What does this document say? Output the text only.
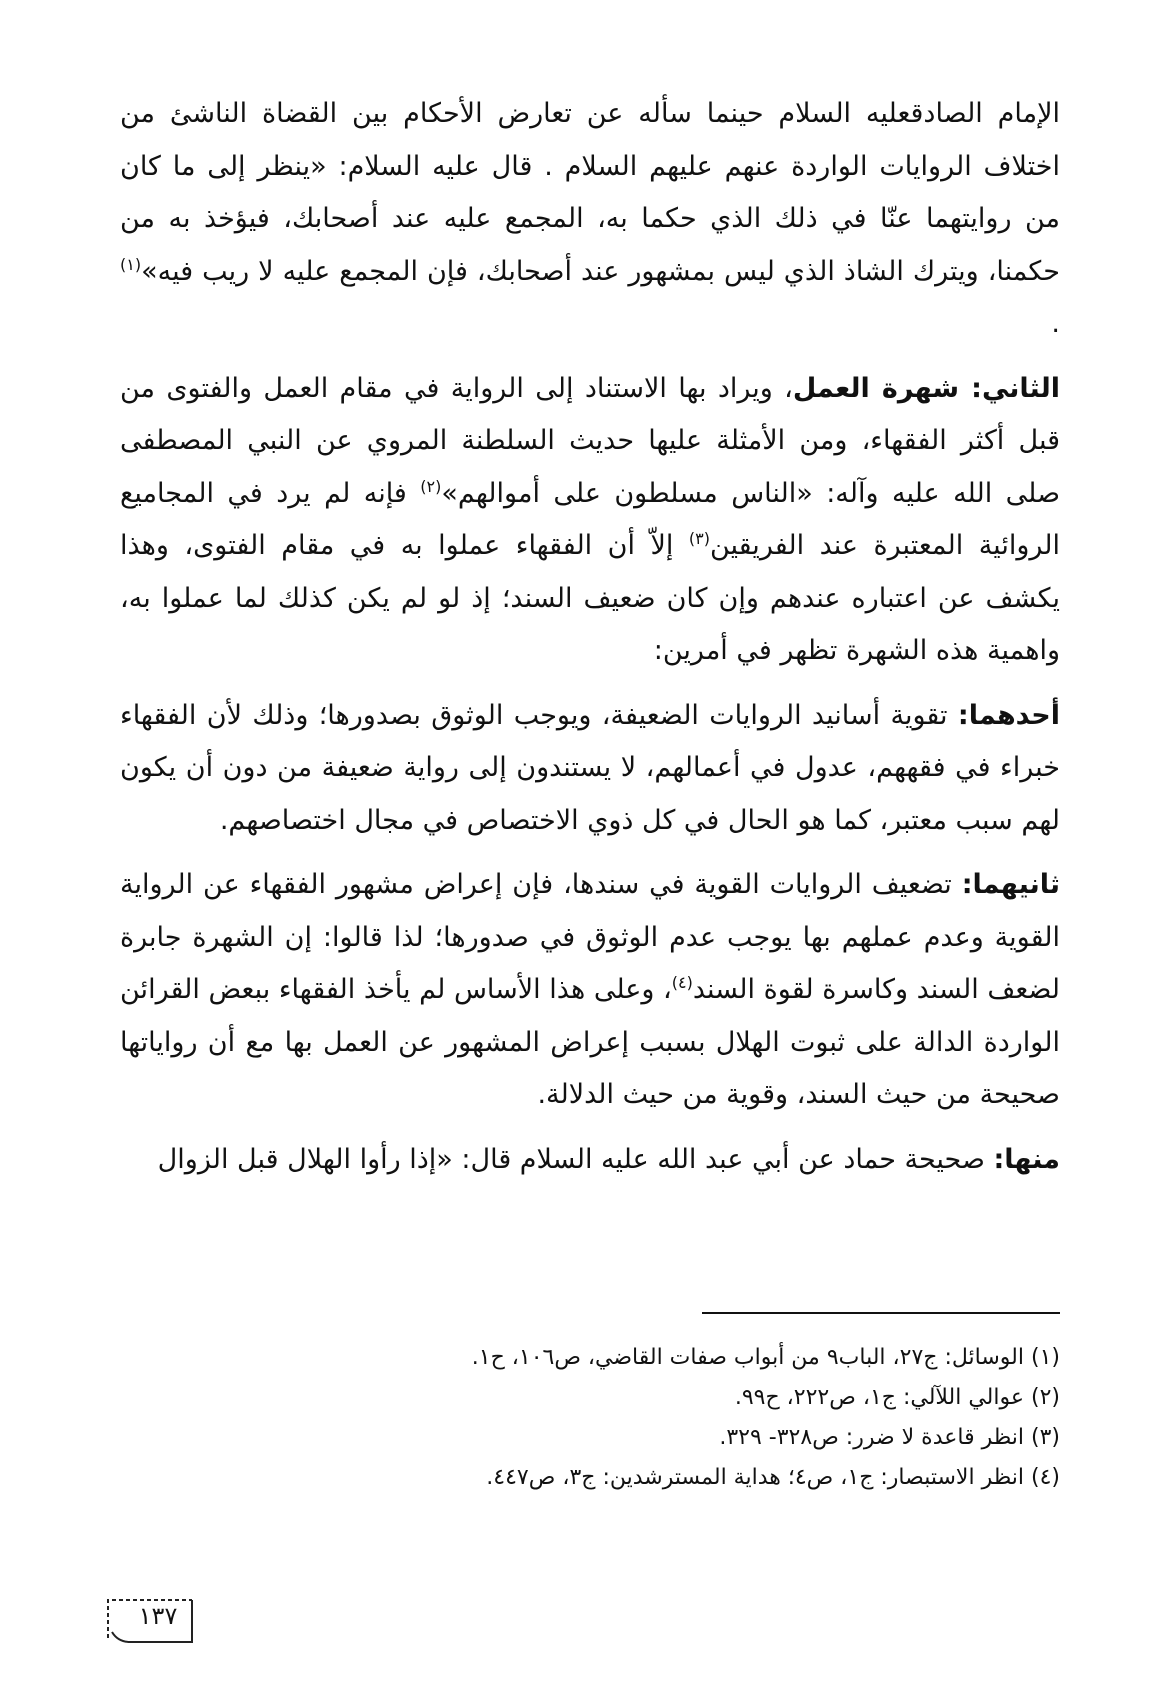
الإمام الصادقعليه السلام حينما سأله عن تعارض الأحكام بين القضاة الناشئ من اختلاف الروايات الواردة عنهم عليهم السلام . قال عليه السلام: «ينظر إلى ما كان من روايتهما عنّا في ذلك الذي حكما به، المجمع عليه عند أصحابك، فيؤخذ به من حكمنا، ويترك الشاذ الذي ليس بمشهور عند أصحابك، فإن المجمع عليه لا ريب فيه»$^{(١)}$ .

الثاني: شهرة العمل، ويراد بها الاستناد إلى الرواية في مقام العمل والفتوى من قبل أكثر الفقهاء، ومن الأمثلة عليها حديث السلطنة المروي عن النبي المصطفى صلى الله عليه وآله: «الناس مسلطون على أموالهم»$^{(٢)}$ فإنه لم يرد في المجاميع الروائية المعتبرة عند الفريقين$^{(٣)}$ إلاّ أن الفقهاء عملوا به في مقام الفتوى، وهذا يكشف عن اعتباره عندهم وإن كان ضعيف السند؛ إذ لو لم يكن كذلك لما عملوا به، واهمية هذه الشهرة تظهر في أمرين:

أحدهما: تقوية أسانيد الروايات الضعيفة، ويوجب الوثوق بصدورها؛ وذلك لأن الفقهاء خبراء في فقههم، عدول في أعمالهم، لا يستندون إلى رواية ضعيفة من دون أن يكون لهم سبب معتبر، كما هو الحال في كل ذوي الاختصاص في مجال اختصاصهم.

ثانيهما: تضعيف الروايات القوية في سندها، فإن إعراض مشهور الفقهاء عن الرواية القوية وعدم عملهم بها يوجب عدم الوثوق في صدورها؛ لذا قالوا: إن الشهرة جابرة لضعف السند وكاسرة لقوة السند$^{(٤)}$، وعلى هذا الأساس لم يأخذ الفقهاء ببعض القرائن الواردة الدالة على ثبوت الهلال بسبب إعراض المشهور عن العمل بها مع أن رواياتها صحيحة من حيث السند، وقوية من حيث الدلالة.

منها: صحيحة حماد عن أبي عبد الله عليه السلام قال: «إذا رأوا الهلال قبل الزوال

(١) الوسائل: ج٢٧، الباب٩ من أبواب صفات القاضي، ص١٠٦، ح١.
(٢) عوالي اللآلي: ج١، ص٢٢٢، ح٩٩.
(٣) انظر قاعدة لا ضرر: ص٣٢٨- ٣٢٩.
(٤) انظر الاستبصار: ج١، ص٤؛ هداية المسترشدين: ج٣، ص٤٤٧.
١٣٧
